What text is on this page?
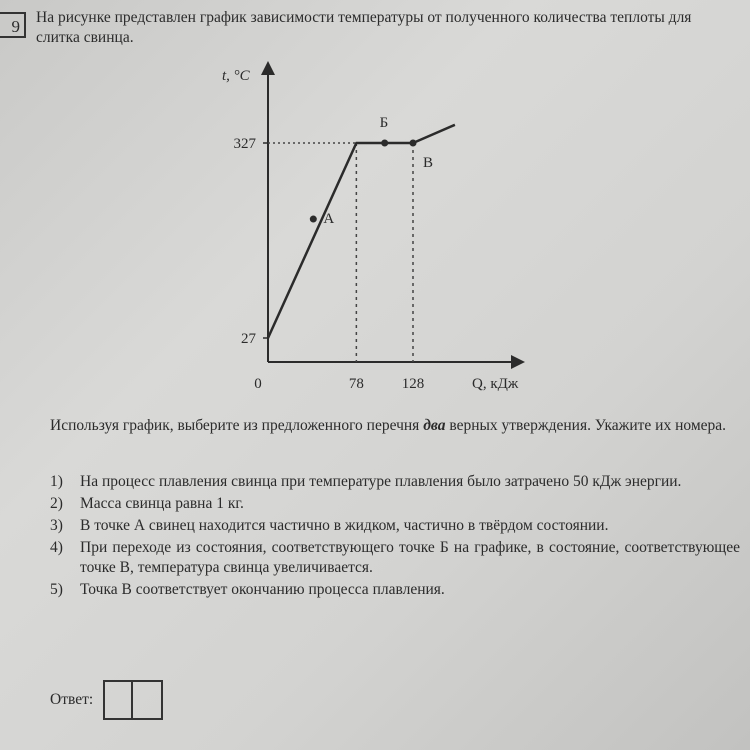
9	На рисунке представлен график зависимости температуры от полученного количества теплоты для слитка свинца.

t, °C
Q, кДж
0	78	128
27
327
А
Б
В

Используя график, выберите из предложенного перечня два верных утверждения. Укажите их номера.

1)	На процесс плавления свинца при температуре плавления было затрачено 50 кДж энергии.
2)	Масса свинца равна 1 кг.
3)	В точке А свинец находится частично в жидком, частично в твёрдом состоянии.
4)	При переходе из состояния, соответствующего точке Б на графике, в состояние, соответствующее точке В, температура свинца увеличивается.
5)	Точка В соответствует окончанию процесса плавления.
Ответ:
